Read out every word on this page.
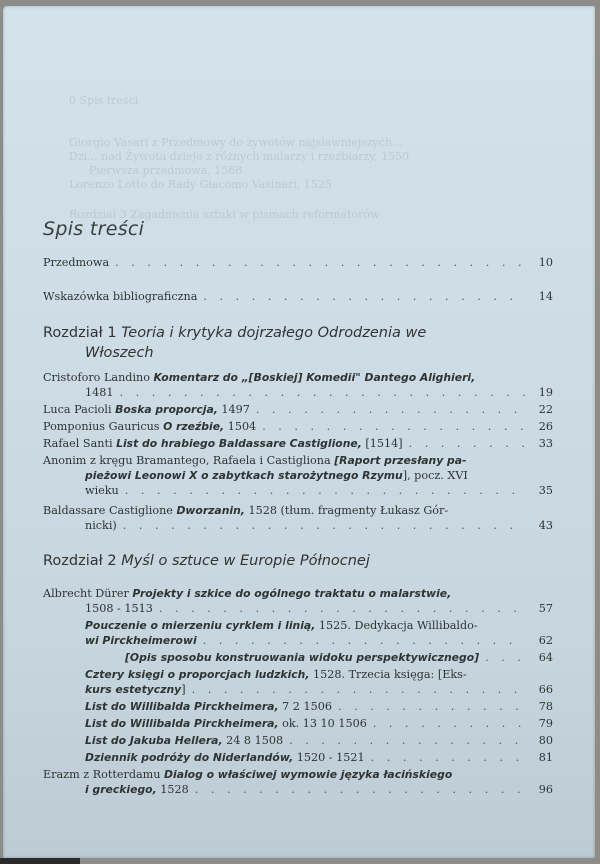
0 Spis treści
Giorgio Vasari z Przedmowy do żywotów najsławniejszych...
Dzi... nad Żywota dzieje z różnych malarzy i rzeźbiarzy, 1550
Pierwsza przedmowa, 1568
Lorenzo Lotto do Rady Giacomo Vasinari, 1525
Rozdział 3 Zagadnienia sztuki w pismach reformatorów
Spis treści
Przedmowa . . .	10
Wskazówka bibliograficzna . . .	14
Rozdział 1 Teoria i krytyka dojrzałego Odrodzenia we
Włoszech
Cristoforo Landino Komentarz do „[Boskiej] Komedii" Dantego Alighieri,
1481 . . .	19
Luca Pacioli Boska proporcja, 1497 . . .	22
Pomponius Gauricus O rzeźbie, 1504 . . .	26
Rafael Santi List do hrabiego Baldassare Castiglione, [1514] . . .	33
Anonim z kręgu Bramantego, Rafaela i Castigliona [Raport przesłany pa-
pieżowi Leonowi X o zabytkach starożytnego Rzymu], pocz. XVI
wieku . . .	35
Baldassare Castiglione Dworzanin, 1528 (tłum. fragmenty Łukasz Gór-
nicki) . . .	43
Rozdział 2 Myśl o sztuce w Europie Północnej
Albrecht Dürer Projekty i szkice do ogólnego traktatu o malarstwie,
1508 - 1513 . . .	57
Pouczenie o mierzeniu cyrklem i linią, 1525. Dedykacja Willibaldo-
wi Pirckheimerowi . . .	62
[Opis sposobu konstruowania widoku perspektywicznego] . . .	64
Cztery księgi o proporcjach ludzkich, 1528. Trzecia księga: [Eks-
kurs estetyczny] . . .	66
List do Willibalda Pirckheimera, 7 2 1506 . . .	78
List do Willibalda Pirckheimera, ok. 13 10 1506 . . .	79
List do Jakuba Hellera, 24 8 1508 . . .	80
Dziennik podróży do Niderlandów, 1520 - 1521 . . .	81
Erazm z Rotterdamu Dialog o właściwej wymowie języka łacińskiego
i greckiego, 1528 . . .	96
